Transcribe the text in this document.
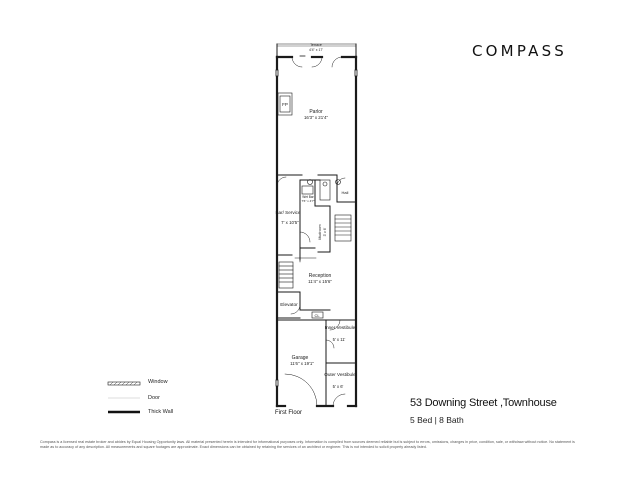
Terrace
4'4" x 17'
Parlor
16'3" x 21'4"
FP
Hall
Wet Bar
7'6" x 4'7"
Bar/ Service
7' x 10'5"
Mudroom 3' x 6'
Reception
11'4" x 15'6"
Elevator
CL
Inner Vestibule
5' x 11'
Garage
11'6" x 19'1"
Outer Vestibule
5' x 6'
COMPASS
Window
Door
Thick Wall	First Floor
53 Downing Street ,Townhouse
5 Bed | 8 Bath
Compass is a licensed real estate broker and abides by Equal Housing Opportunity laws. All material presented herein is intended for informational purposes only. Information is compiled from sources deemed reliable but is subject to errors, omissions, changes in price, condition, sale, or withdraw without notice. No statement is made as to accuracy of any description. All measurements and square footages are approximate. Exact dimensions can be obtained by retaining the services of an architect or engineer. This is not intended to solicit property already listed.
